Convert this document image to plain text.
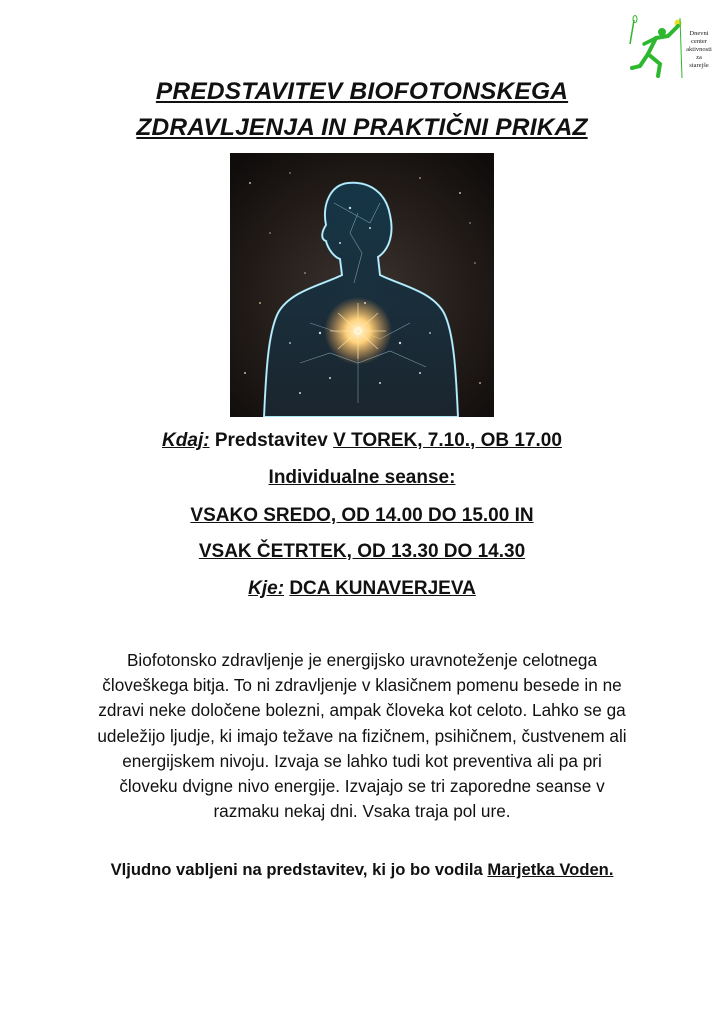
Dnevni
center
aktivnosti
za
starejše
PREDSTAVITEV BIOFOTONSKEGA
ZDRAVLJENJA IN PRAKTIČNI PRIKAZ
Kdaj: Predstavitev V TOREK, 7.10., OB 17.00
Individualne seanse:
VSAKO SREDO, OD 14.00 DO 15.00 IN
VSAK ČETRTEK, OD 13.30 DO 14.30
Kje: DCA KUNAVERJEVA
Biofotonsko zdravljenje je energijsko uravnoteženje celotnega
človeškega bitja. To ni zdravljenje v klasičnem pomenu besede in ne
zdravi neke določene bolezni, ampak človeka kot celoto. Lahko se ga
udeležijo ljudje, ki imajo težave na fizičnem, psihičnem, čustvenem ali
energijskem nivoju. Izvaja se lahko tudi kot preventiva ali pa pri
človeku dvigne nivo energije. Izvajajo se tri zaporedne seanse v
razmaku nekaj dni. Vsaka traja pol ure.
Vljudno vabljeni na predstavitev, ki jo bo vodila Marjetka Voden.
